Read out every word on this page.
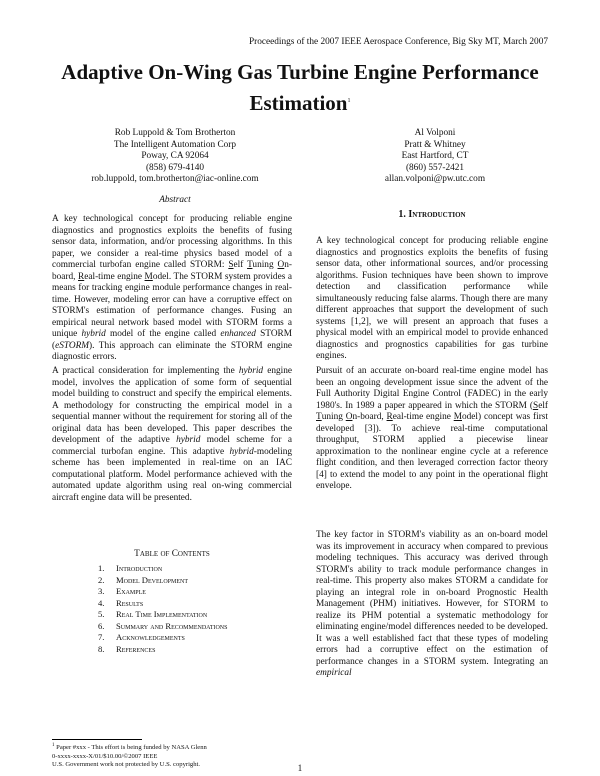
Proceedings of the 2007 IEEE Aerospace Conference, Big Sky MT, March 2007
Adaptive On-Wing Gas Turbine Engine Performance Estimation$^1$
Rob Luppold & Tom Brotherton
The Intelligent Automation Corp
Poway, CA 92064
(858) 679-4140
rob.luppold, tom.brotherton@iac-online.com
Al Volponi
Pratt & Whitney
East Hartford, CT
(860) 557-2421
allan.volponi@pw.utc.com
Abstract

A key technological concept for producing reliable engine diagnostics and prognostics exploits the benefits of fusing sensor data, information, and/or processing algorithms. In this paper, we consider a real-time physics based model of a commercial turbofan engine called STORM: Self Tuning On-board, Real-time engine Model. The STORM system provides a means for tracking engine module performance changes in real-time. However, modeling error can have a corruptive effect on STORM's estimation of performance changes. Fusing an empirical neural network based model with STORM forms a unique hybrid model of the engine called enhanced STORM (eSTORM). This approach can eliminate the STORM engine diagnostic errors.

A practical consideration for implementing the hybrid engine model, involves the application of some form of sequential model building to construct and specify the empirical elements. A methodology for constructing the empirical model in a sequential manner without the requirement for storing all of the original data has been developed. This paper describes the development of the adaptive hybrid model scheme for a commercial turbofan engine. This adaptive hybrid-modeling scheme has been implemented in real-time on an IAC computational platform. Model performance achieved with the automated update algorithm using real on-wing commercial aircraft engine data will be presented.

Table of Contents
1. Introduction
2. Model Development
3. Example
4. Results
5. Real Time Implementation
6. Summary and Recommendations
7. Acknowledgements
8. References
1. Introduction

A key technological concept for producing reliable engine diagnostics and prognostics exploits the benefits of fusing sensor data, other informational sources, and/or processing algorithms. Fusion techniques have been shown to improve detection and classification performance while simultaneously reducing false alarms. Though there are many different approaches that support the development of such systems [1,2], we will present an approach that fuses a physical model with an empirical model to provide enhanced diagnostics and prognostics capabilities for gas turbine engines.

Pursuit of an accurate on-board real-time engine model has been an ongoing development issue since the advent of the Full Authority Digital Engine Control (FADEC) in the early 1980's. In 1989 a paper appeared in which the STORM (Self Tuning On-board, Real-time engine Model) concept was first developed [3]). To achieve real-time computational throughput, STORM applied a piecewise linear approximation to the nonlinear engine cycle at a reference flight condition, and then leveraged correction factor theory [4] to extend the model to any point in the operational flight envelope.

The key factor in STORM's viability as an on-board model was its improvement in accuracy when compared to previous modeling techniques. This accuracy was derived through STORM's ability to track module performance changes in real-time. This property also makes STORM a candidate for playing an integral role in on-board Prognostic Health Management (PHM) initiatives. However, for STORM to realize its PHM potential a systematic methodology for eliminating engine/model differences needed to be developed. It was a well established fact that these types of modeling errors had a corruptive effect on the estimation of performance changes in a STORM system. Integrating an empirical

$^1$ Paper #xxx - This effort is being funded by NASA Glenn
0-xxxx-xxxx-X/01/$10.00/©2007 IEEE
U.S. Government work not protected by U.S. copyright.	1
